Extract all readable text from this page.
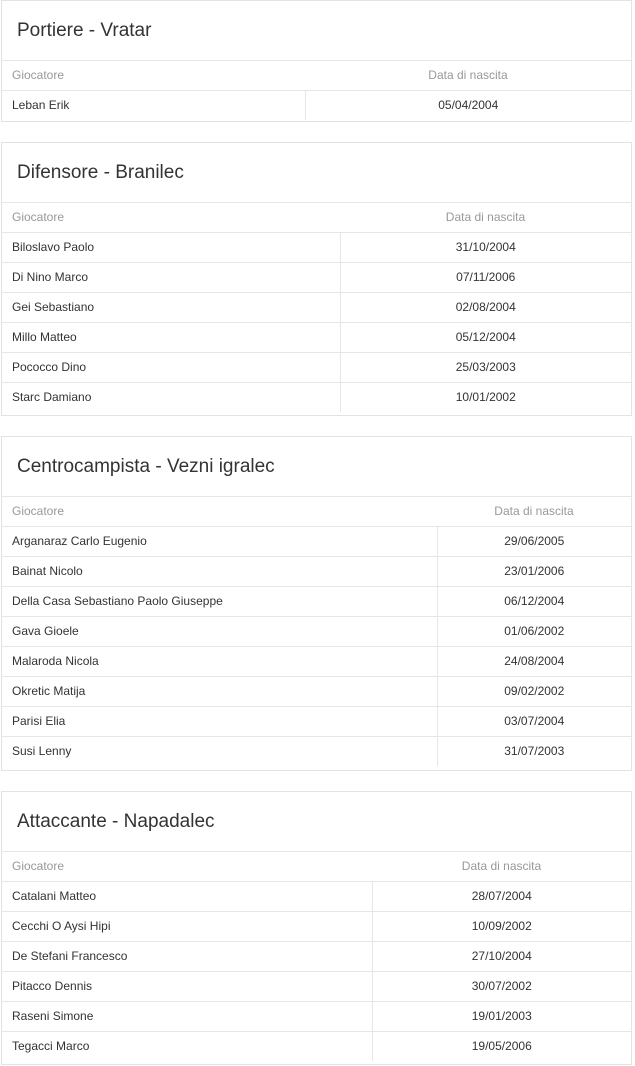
Portiere - Vratar
Giocatore	Data di nascita
Leban Erik	05/04/2004
Difensore - Branilec
Giocatore	Data di nascita
Biloslavo Paolo	31/10/2004
Di Nino Marco	07/11/2006
Gei Sebastiano	02/08/2004
Millo Matteo	05/12/2004
Pococco Dino	25/03/2003
Starc Damiano	10/01/2002
Centrocampista - Vezni igralec
Giocatore	Data di nascita
Arganaraz Carlo Eugenio	29/06/2005
Bainat Nicolo	23/01/2006
Della Casa Sebastiano Paolo Giuseppe	06/12/2004
Gava Gioele	01/06/2002
Malaroda Nicola	24/08/2004
Okretic Matija	09/02/2002
Parisi Elia	03/07/2004
Susi Lenny	31/07/2003
Attaccante - Napadalec
Giocatore	Data di nascita
Catalani Matteo	28/07/2004
Cecchi O Aysi Hipi	10/09/2002
De Stefani Francesco	27/10/2004
Pitacco Dennis	30/07/2002
Raseni Simone	19/01/2003
Tegacci Marco	19/05/2006
